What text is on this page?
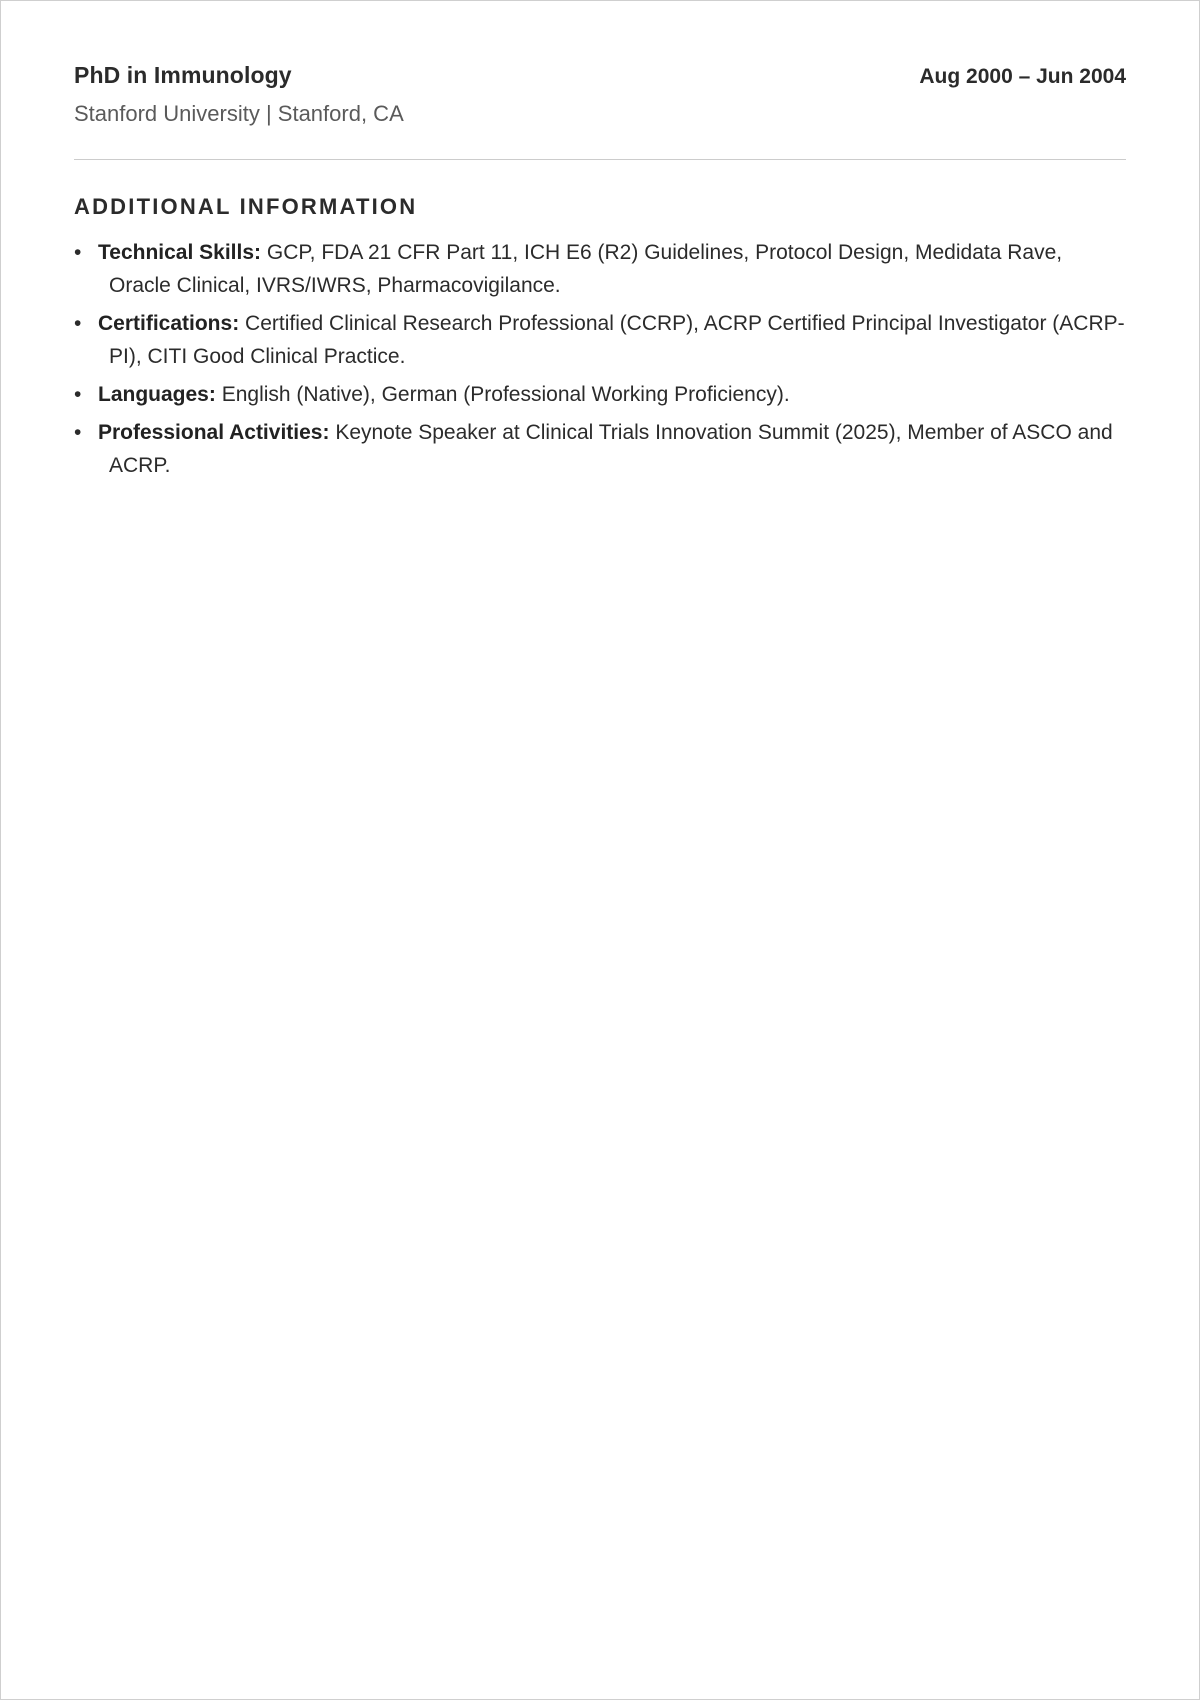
PhD in Immunology	Aug 2000 – Jun 2004
Stanford University | Stanford, CA
ADDITIONAL INFORMATION
• Technical Skills: GCP, FDA 21 CFR Part 11, ICH E6 (R2) Guidelines, Protocol Design, Medidata Rave, Oracle Clinical, IVRS/IWRS, Pharmacovigilance.
• Certifications: Certified Clinical Research Professional (CCRP), ACRP Certified Principal Investigator (ACRP-PI), CITI Good Clinical Practice.
• Languages: English (Native), German (Professional Working Proficiency).
• Professional Activities: Keynote Speaker at Clinical Trials Innovation Summit (2025), Member of ASCO and ACRP.
